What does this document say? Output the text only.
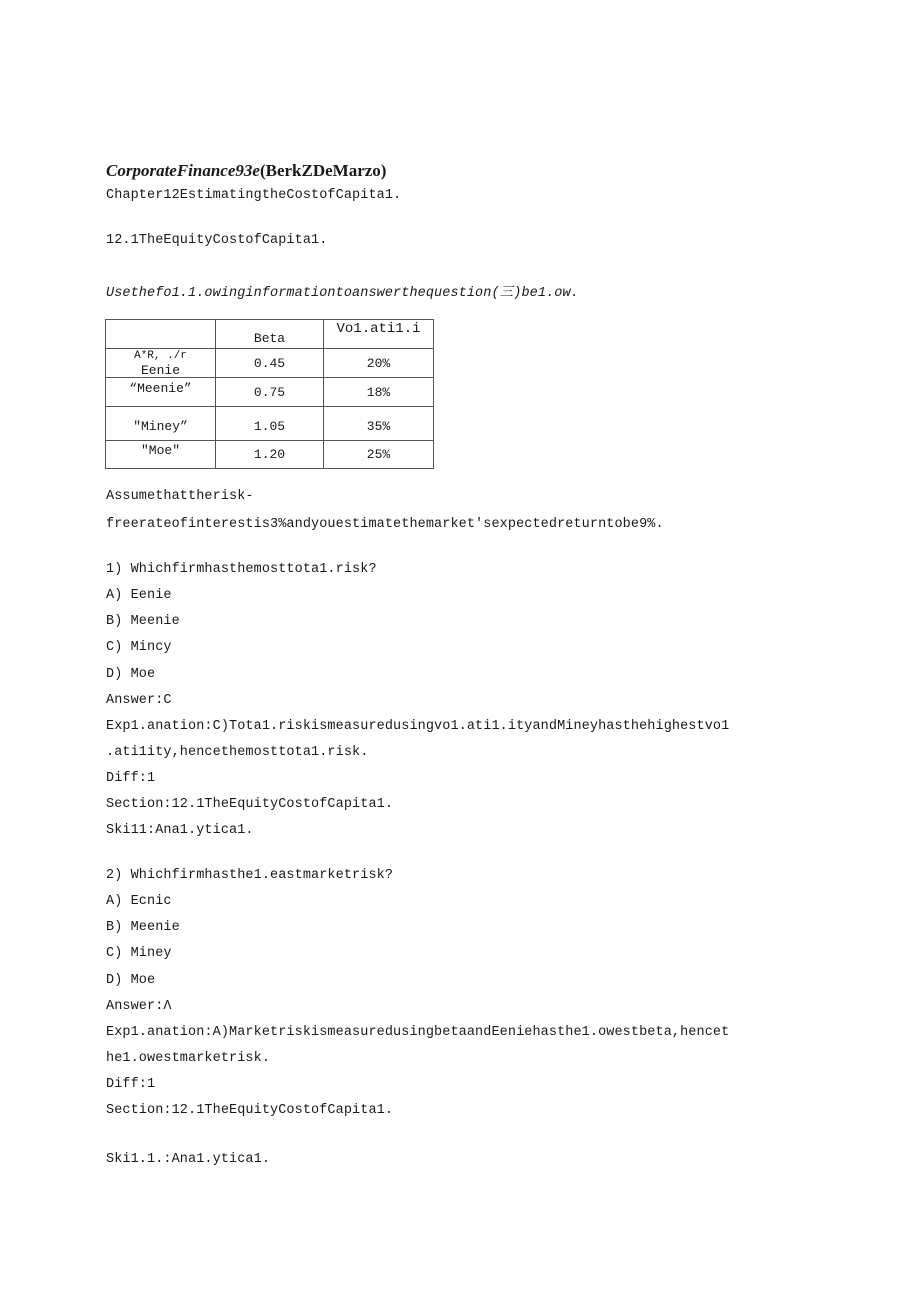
CorporateFinance93e(BerkZDeMarzo)
Chapter12EstimatingtheCostofCapita1.
12.1TheEquityCostofCapita1.
Usethefo1.1.owinginformationtoanswerthequestion(三)be1.ow.

	Beta	Vo1.ati1.i

A*R, ./r
Eenie	0.45	20%

“Meenie”	0.75	18%

"Miney”	1.05	35%

"Moe"	1.20	25%
Assumethattherisk-
freerateofinterestis3%andyouestimatethemarket'sexpectedreturntobe9%.
1) Whichfirmhasthemosttota1.risk?
A) Eenie
B) Meenie
C) Mincy
D) Moe
Answer:C
Exp1.anation:C)Tota1.riskismeasuredusingvo1.ati1.ityandMineyhasthehighestvo1
.ati1ity,hencethemosttota1.risk.
Diff:1
Section:12.1TheEquityCostofCapita1.
Ski11:Ana1.ytica1.
2) Whichfirmhasthe1.eastmarketrisk?
A) Ecnic
B) Meenie
C) Miney
D) Moe
Answer:Λ
Exp1.anation:A)MarketriskismeasuredusingbetaandEeniehasthe1.owestbeta,hencet
he1.owestmarketrisk.
Diff:1
Section:12.1TheEquityCostofCapita1.
Ski1.1.:Ana1.ytica1.
